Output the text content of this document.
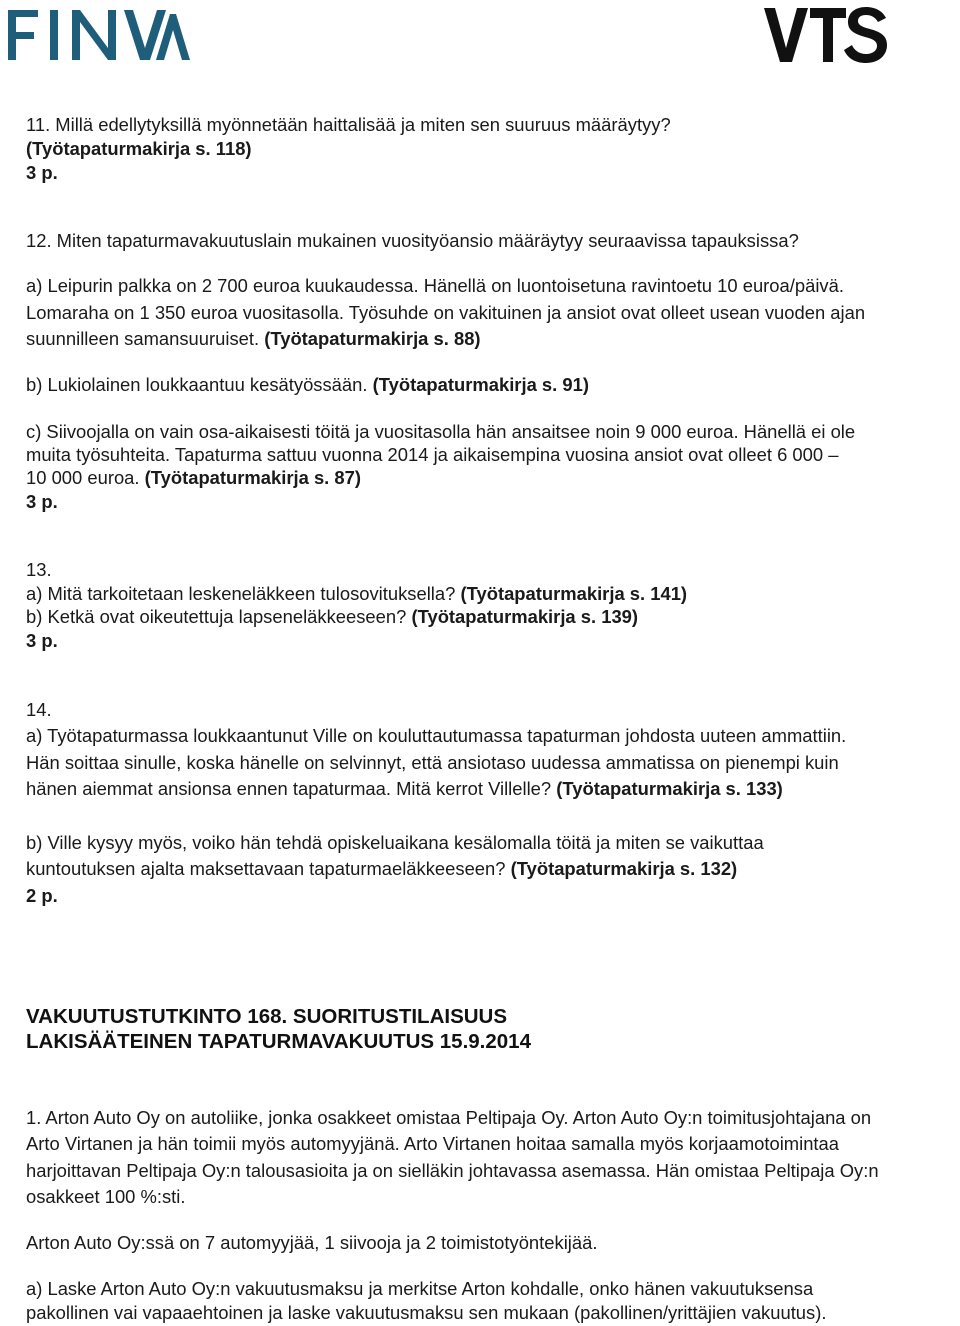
11. Millä edellytyksillä myönnetään haittalisää ja miten sen suuruus määräytyy?
(Työtapaturmakirja s. 118)
3 p.
12. Miten tapaturmavakuutuslain mukainen vuosityöansio määräytyy seuraavissa tapauksissa?
a) Leipurin palkka on 2 700 euroa kuukaudessa. Hänellä on luontoisetuna ravintoetu 10 euroa/päivä.
Lomaraha on 1 350 euroa vuositasolla. Työsuhde on vakituinen ja ansiot ovat olleet usean vuoden ajan
suunnilleen samansuuruiset. (Työtapaturmakirja s. 88)
b) Lukiolainen loukkaantuu kesätyössään. (Työtapaturmakirja s. 91)
c) Siivoojalla on vain osa-aikaisesti töitä ja vuositasolla hän ansaitsee noin 9 000 euroa. Hänellä ei ole
muita työsuhteita. Tapaturma sattuu vuonna 2014 ja aikaisempina vuosina ansiot ovat olleet 6 000 –
10 000 euroa. (Työtapaturmakirja s. 87)
3 p.
13.
a) Mitä tarkoitetaan leskeneläkkeen tulosovituksella? (Työtapaturmakirja s. 141)
b) Ketkä ovat oikeutettuja lapseneläkkeeseen? (Työtapaturmakirja s. 139)
3 p.
14.
a) Työtapaturmassa loukkaantunut Ville on kouluttautumassa tapaturman johdosta uuteen ammattiin.
Hän soittaa sinulle, koska hänelle on selvinnyt, että ansiotaso uudessa ammatissa on pienempi kuin
hänen aiemmat ansionsa ennen tapaturmaa. Mitä kerrot Villelle? (Työtapaturmakirja s. 133)
b) Ville kysyy myös, voiko hän tehdä opiskeluaikana kesälomalla töitä ja miten se vaikuttaa
kuntoutuksen ajalta maksettavaan tapaturmaeläkkeeseen? (Työtapaturmakirja s. 132)
2 p.
VAKUUTUSTUTKINTO 168. SUORITUSTILAISUUS
LAKISÄÄTEINEN TAPATURMAVAKUUTUS 15.9.2014
1. Arton Auto Oy on autoliike, jonka osakkeet omistaa Peltipaja Oy. Arton Auto Oy:n toimitusjohtajana on
Arto Virtanen ja hän toimii myös automyyjänä. Arto Virtanen hoitaa samalla myös korjaamotoimintaa
harjoittavan Peltipaja Oy:n talousasioita ja on sielläkin johtavassa asemassa. Hän omistaa Peltipaja Oy:n
osakkeet 100 %:sti.
Arton Auto Oy:ssä on 7 automyyjää, 1 siivooja ja 2 toimistotyöntekijää.
a) Laske Arton Auto Oy:n vakuutusmaksu ja merkitse Arton kohdalle, onko hänen vakuutuksensa
pakollinen vai vapaaehtoinen ja laske vakuutusmaksu sen mukaan (pakollinen/yrittäjien vakuutus).
